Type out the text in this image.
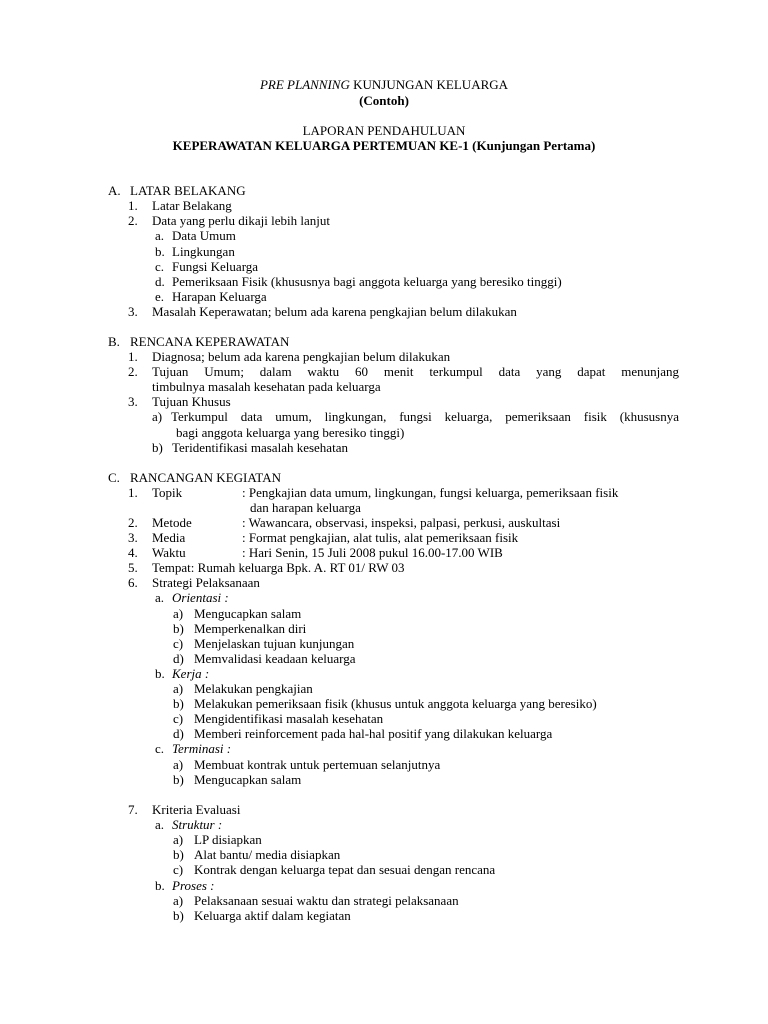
PRE PLANNING KUNJUNGAN KELUARGA
(Contoh)
LAPORAN PENDAHULUAN
KEPERAWATAN KELUARGA PERTEMUAN KE-1 (Kunjungan Pertama)
A. LATAR BELAKANG
1. Latar Belakang
2. Data yang perlu dikaji lebih lanjut
a. Data Umum
b. Lingkungan
c. Fungsi Keluarga
d. Pemeriksaan Fisik (khususnya bagi anggota keluarga yang beresiko tinggi)
e. Harapan Keluarga
3. Masalah Keperawatan; belum ada karena pengkajian belum dilakukan
B. RENCANA KEPERAWATAN
1. Diagnosa; belum ada karena pengkajian belum dilakukan
2. Tujuan Umum; dalam waktu 60 menit terkumpul data yang dapat menunjang
timbulnya masalah kesehatan pada keluarga
3. Tujuan Khusus
a) Terkumpul data umum, lingkungan, fungsi keluarga, pemeriksaan fisik (khususnya
bagi anggota keluarga yang beresiko tinggi)
b) Teridentifikasi masalah kesehatan
C. RANCANGAN KEGIATAN
1. Topik	: Pengkajian data umum, lingkungan, fungsi keluarga, pemeriksaan fisik
dan harapan keluarga
2. Metode	: Wawancara, observasi, inspeksi, palpasi, perkusi, auskultasi
3. Media	: Format pengkajian, alat tulis, alat pemeriksaan fisik
4. Waktu	: Hari Senin, 15 Juli 2008 pukul 16.00-17.00 WIB
5. Tempat: Rumah keluarga Bpk. A. RT 01/ RW 03
6. Strategi Pelaksanaan
a. Orientasi :
a) Mengucapkan salam
b) Memperkenalkan diri
c) Menjelaskan tujuan kunjungan
d) Memvalidasi keadaan keluarga
b. Kerja :
a) Melakukan pengkajian
b) Melakukan pemeriksaan fisik (khusus untuk anggota keluarga yang beresiko)
c) Mengidentifikasi masalah kesehatan
d) Memberi reinforcement pada hal-hal positif yang dilakukan keluarga
c. Terminasi :
a) Membuat kontrak untuk pertemuan selanjutnya
b) Mengucapkan salam
7. Kriteria Evaluasi
a. Struktur :
a) LP disiapkan
b) Alat bantu/ media disiapkan
c) Kontrak dengan keluarga tepat dan sesuai dengan rencana
b. Proses :
a) Pelaksanaan sesuai waktu dan strategi pelaksanaan
b) Keluarga aktif dalam kegiatan
